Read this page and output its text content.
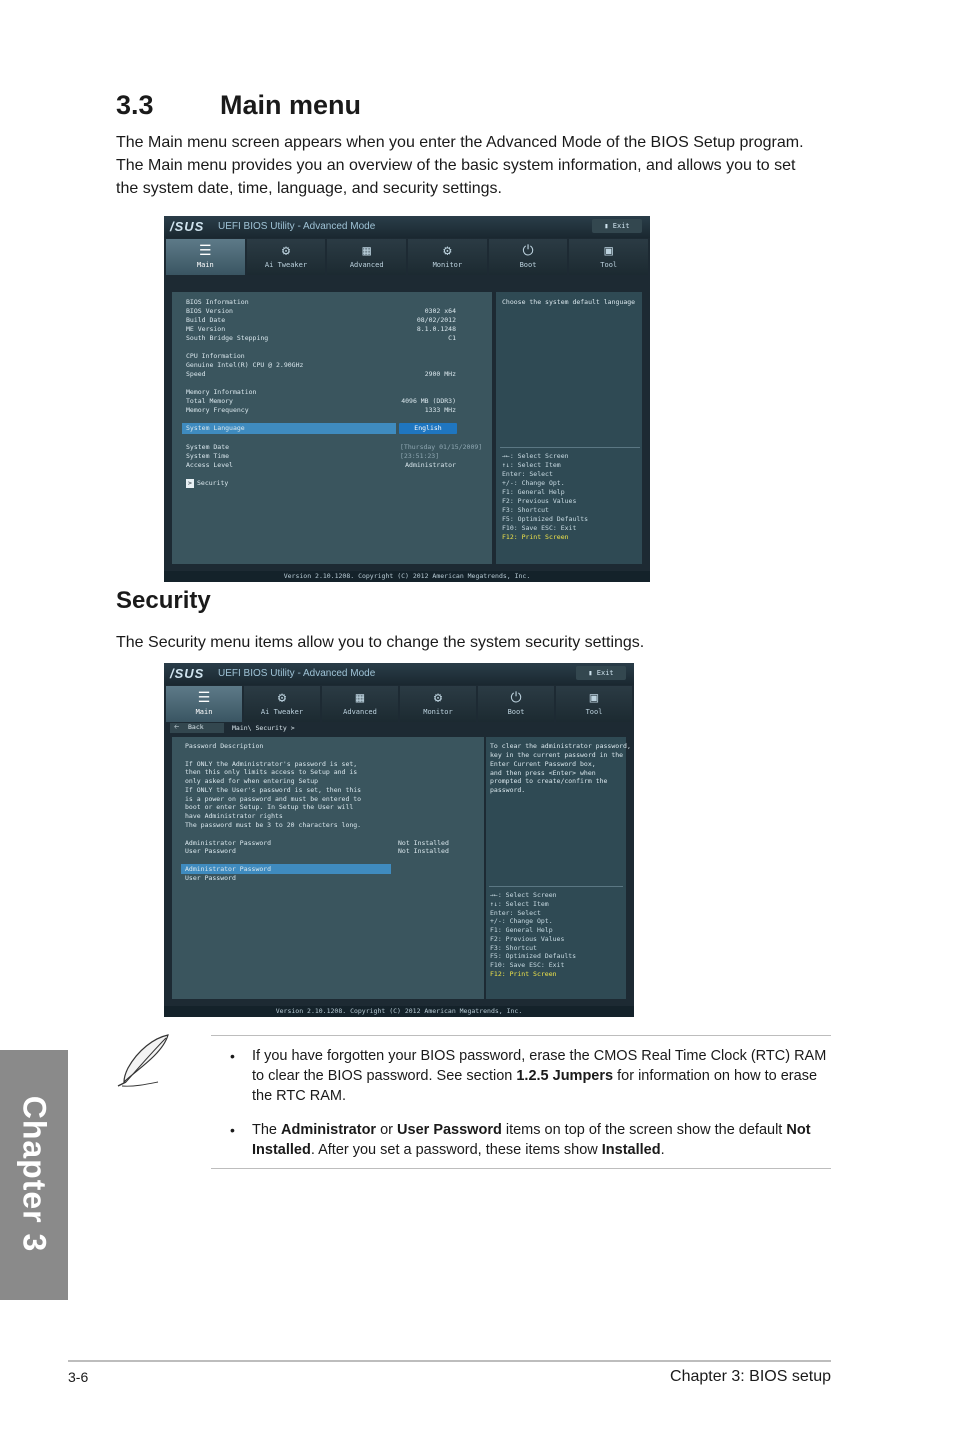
3.3 Main menu

The Main menu screen appears when you enter the Advanced Mode of the BIOS Setup program. The Main menu provides you an overview of the basic system information, and allows you to set the system date, time, language, and security settings.

/SUS UEFI BIOS Utility - Advanced Mode	▮ Exit
☰
Main
⚙
Ai Tweaker
▦
Advanced
⚙
Monitor
⏻
Boot
▣
Tool
BIOS Information
BIOS Version	0302 x64
Build Date	08/02/2012
ME Version	8.1.0.1248
South Bridge Stepping	C1
CPU Information
Genuine Intel(R) CPU @ 2.90GHz
Speed	2900 MHz
Memory Information
Total Memory	4096 MB (DDR3)
Memory Frequency	1333 MHz
System Language	English
System Date	[Thursday 01/15/2009]
System Time	[23:51:23]
Access Level	Administrator
> Security
Choose the system default language
→←: Select Screen
↑↓: Select Item
Enter: Select
+/-: Change Opt.
F1: General Help
F2: Previous Values
F3: Shortcut
F5: Optimized Defaults
F10: Save ESC: Exit
F12: Print Screen
Version 2.10.1208. Copyright (C) 2012 American Megatrends, Inc.
Security

The Security menu items allow you to change the system security settings.

/SUS UEFI BIOS Utility - Advanced Mode	▮ Exit
☰
Main
⚙
Ai Tweaker
▦
Advanced
⚙
Monitor
⏻
Boot
▣
Tool
🡠 Back	Main\ Security >
Password Description
If ONLY the Administrator's password is set,
then this only limits access to Setup and is
only asked for when entering Setup
If ONLY the User's password is set, then this
is a power on password and must be entered to
boot or enter Setup. In Setup the User will
have Administrator rights
The password must be 3 to 20 characters long.
Administrator Password	Not Installed
User Password	Not Installed
Administrator Password
User Password
To clear the administrator password,
key in the current password in the
Enter Current Password box,
and then press <Enter> when
prompted to create/confirm the
password.
→←: Select Screen
↑↓: Select Item
Enter: Select
+/-: Change Opt.
F1: General Help
F2: Previous Values
F3: Shortcut
F5: Optimized Defaults
F10: Save ESC: Exit
F12: Print Screen
Version 2.10.1208. Copyright (C) 2012 American Megatrends, Inc.
• If you have forgotten your BIOS password, erase the CMOS Real Time Clock (RTC) RAM to clear the BIOS password. See section 1.2.5 Jumpers for information on how to erase the RTC RAM.
• The Administrator or User Password items on top of the screen show the default Not Installed. After you set a password, these items show Installed.
Chapter 3
3-6	Chapter 3: BIOS setup
